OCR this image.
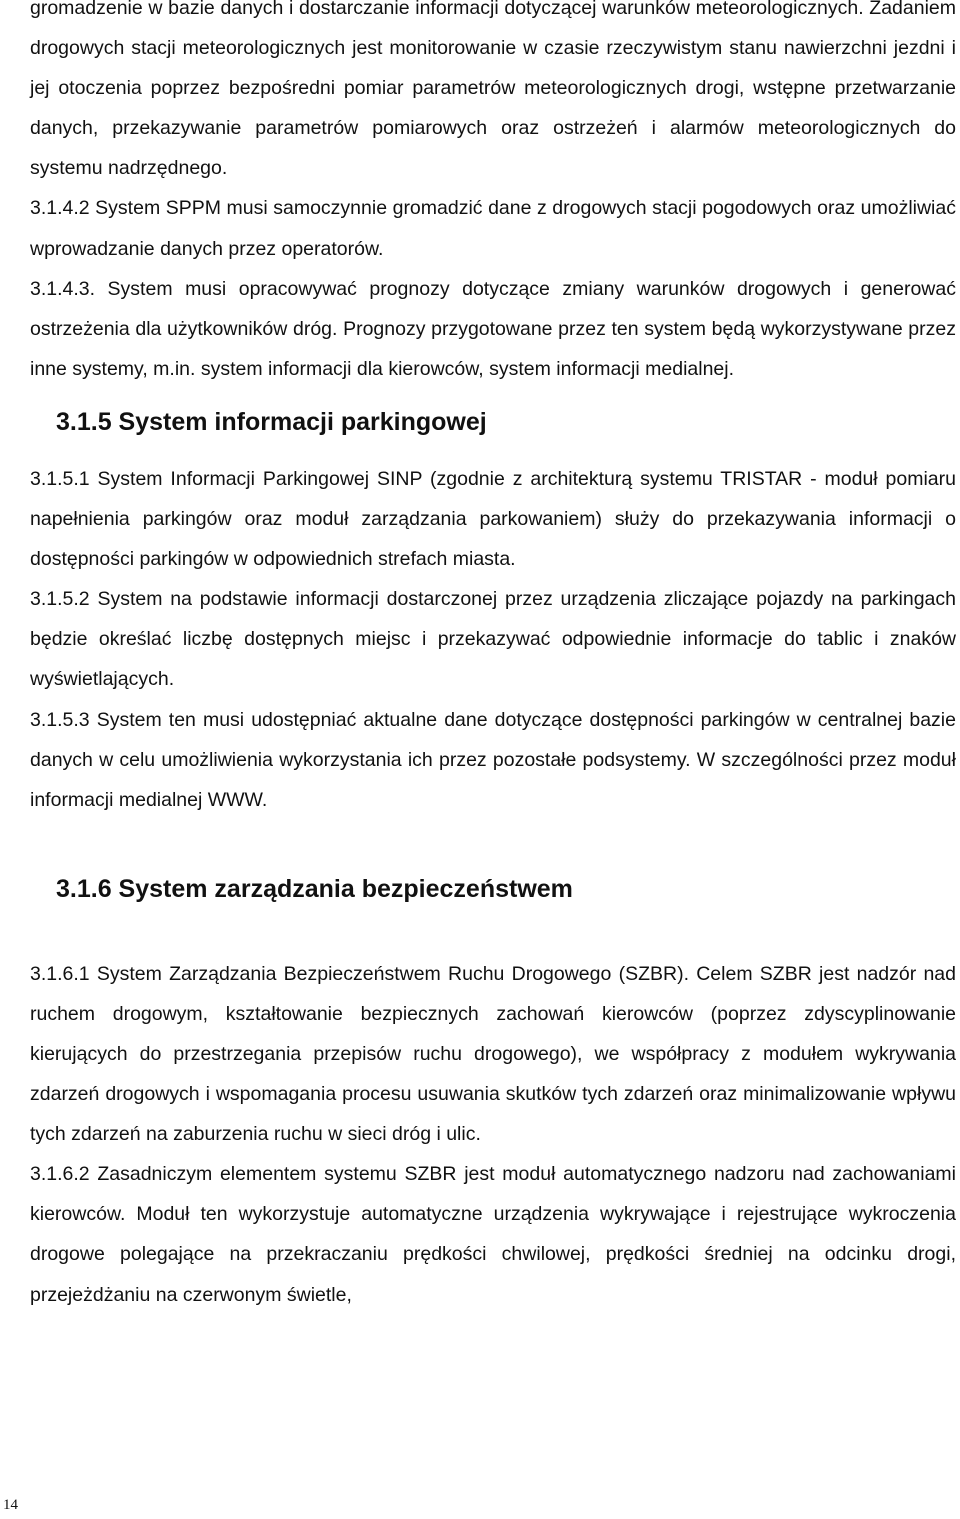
gromadzenie w bazie danych i dostarczanie informacji dotyczącej warunków meteorologicznych. Zadaniem drogowych stacji meteorologicznych jest monitorowanie w czasie rzeczywistym stanu nawierzchni jezdni i jej otoczenia poprzez bezpośredni pomiar parametrów meteorologicznych drogi, wstępne przetwarzanie danych, przekazywanie parametrów pomiarowych oraz ostrzeżeń i alarmów meteorologicznych do systemu nadrzędnego.

3.1.4.2 System SPPM musi samoczynnie gromadzić dane z drogowych stacji pogodowych oraz umożliwiać wprowadzanie danych przez operatorów.

3.1.4.3. System musi opracowywać prognozy dotyczące zmiany warunków drogowych i generować ostrzeżenia dla użytkowników dróg. Prognozy przygotowane przez ten system będą wykorzystywane przez inne systemy, m.in. system informacji dla kierowców, system informacji medialnej.

3.1.5 System informacji parkingowej

3.1.5.1 System Informacji Parkingowej SINP (zgodnie z architekturą systemu TRISTAR - moduł pomiaru napełnienia parkingów oraz moduł zarządzania parkowaniem) służy do przekazywania informacji o dostępności parkingów w odpowiednich strefach miasta.

3.1.5.2 System na podstawie informacji dostarczonej przez urządzenia zliczające pojazdy na parkingach będzie określać liczbę dostępnych miejsc i przekazywać odpowiednie informacje do tablic i znaków wyświetlających.

3.1.5.3 System ten musi udostępniać aktualne dane dotyczące dostępności parkingów w centralnej bazie danych w celu umożliwienia wykorzystania ich przez pozostałe podsystemy. W szczególności przez moduł informacji medialnej WWW.

3.1.6 System zarządzania bezpieczeństwem

3.1.6.1 System Zarządzania Bezpieczeństwem Ruchu Drogowego (SZBR). Celem SZBR jest nadzór nad ruchem drogowym, kształtowanie bezpiecznych zachowań kierowców (poprzez zdyscyplinowanie kierujących do przestrzegania przepisów ruchu drogowego), we współpracy z modułem wykrywania zdarzeń drogowych i wspomagania procesu usuwania skutków tych zdarzeń oraz minimalizowanie wpływu tych zdarzeń na zaburzenia ruchu w sieci dróg i ulic.

3.1.6.2 Zasadniczym elementem systemu SZBR jest moduł automatycznego nadzoru nad zachowaniami kierowców. Moduł ten wykorzystuje automatyczne urządzenia wykrywające i rejestrujące wykroczenia drogowe polegające na przekraczaniu prędkości chwilowej, prędkości średniej na odcinku drogi, przejeżdżaniu na czerwonym świetle,

14
